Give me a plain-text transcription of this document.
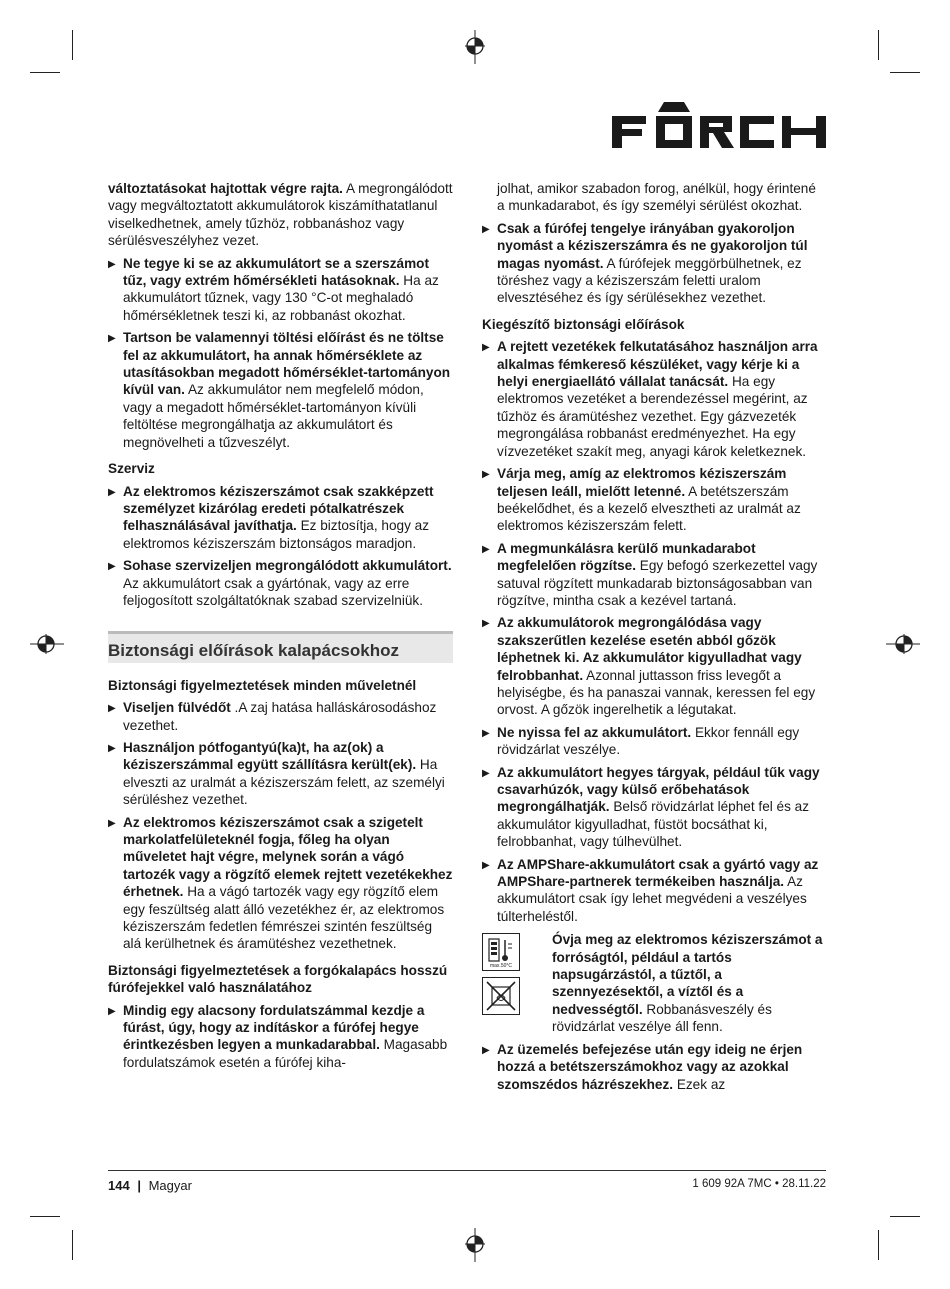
változtatásokat hajtottak végre rajta. A megrongálódott vagy megváltoztatott akkumulátorok kiszámíthatatlanul viselkedhetnek, amely tűzhöz, robbanáshoz vagy sérülésveszélyhez vezet.

▶ Ne tegye ki se az akkumulátort se a szerszámot tűz, vagy extrém hőmérsékleti hatásoknak. Ha az akkumulátort tűznek, vagy 130 °C-ot meghaladó hőmérsékletnek teszi ki, az robbanást okozhat.
▶ Tartson be valamennyi töltési előírást és ne töltse fel az akkumulátort, ha annak hőmérséklete az utasításokban megadott hőmérséklet-tartományon kívül van. Az akkumulátor nem megfelelő módon, vagy a megadott hőmérséklet-tartományon kívüli feltöltése megrongálhatja az akkumulátort és megnövelheti a tűzveszélyt.
Szerviz
▶ Az elektromos kéziszerszámot csak szakképzett személyzet kizárólag eredeti pótalkatrészek felhasználásával javíthatja. Ez biztosítja, hogy az elektromos kéziszerszám biztonságos maradjon.
▶ Sohase szervizeljen megrongálódott akkumulátort. Az akkumulátort csak a gyártónak, vagy az erre feljogosított szolgáltatóknak szabad szervizelniük.
Biztonsági előírások kalapácsokhoz
Biztonsági figyelmeztetések minden műveletnél
▶ Viseljen fülvédőt .A zaj hatása halláskárosodáshoz vezethet.
▶ Használjon pótfogantyú(ka)t, ha az(ok) a kéziszerszámmal együtt szállításra került(ek). Ha elveszti az uralmát a kéziszerszám felett, az személyi sérüléshez vezethet.
▶ Az elektromos kéziszerszámot csak a szigetelt markolatfelületeknél fogja, főleg ha olyan műveletet hajt végre, melynek során a vágó tartozék vagy a rögzítő elemek rejtett vezetékekhez érhetnek. Ha a vágó tartozék vagy egy rögzítő elem egy feszültség alatt álló vezetékhez ér, az elektromos kéziszerszám fedetlen fémrészei szintén feszültség alá kerülhetnek és áramütéshez vezethetnek.
Biztonsági figyelmeztetések a forgókalapács hosszú fúrófejekkel való használatához
▶ Mindig egy alacsony fordulatszámmal kezdje a fúrást, úgy, hogy az indításkor a fúrófej hegye érintkezésben legyen a munkadarabbal. Magasabb fordulatszámok esetén a fúrófej kiha-

jolhat, amikor szabadon forog, anélkül, hogy érintené a munkadarabot, és így személyi sérülést okozhat.

▶ Csak a fúrófej tengelye irányában gyakoroljon nyomást a kéziszerszámra és ne gyakoroljon túl magas nyomást. A fúrófejek meggörbülhetnek, ez töréshez vagy a kéziszerszám feletti uralom elvesztéséhez és így sérülésekhez vezethet.
Kiegészítő biztonsági előírások
▶ A rejtett vezetékek felkutatásához használjon arra alkalmas fémkereső készüléket, vagy kérje ki a helyi energiaellátó vállalat tanácsát. Ha egy elektromos vezetéket a berendezéssel megérint, az tűzhöz és áramütéshez vezethet. Egy gázvezeték megrongálása robbanást eredményezhet. Ha egy vízvezetéket szakít meg, anyagi károk keletkeznek.
▶ Várja meg, amíg az elektromos kéziszerszám teljesen leáll, mielőtt letenné. A betétszerszám beékelődhet, és a kezelő elvesztheti az uralmát az elektromos kéziszerszám felett.
▶ A megmunkálásra kerülő munkadarabot megfelelően rögzítse. Egy befogó szerkezettel vagy satuval rögzített munkadarab biztonságosabban van rögzítve, mintha csak a kezével tartaná.
▶ Az akkumulátorok megrongálódása vagy szakszerűtlen kezelése esetén abból gőzök léphetnek ki. Az akkumulátor kigyulladhat vagy felrobbanhat. Azonnal juttasson friss levegőt a helyiségbe, és ha panaszai vannak, keressen fel egy orvost. A gőzök ingerelhetik a légutakat.
▶ Ne nyissa fel az akkumulátort. Ekkor fennáll egy rövidzárlat veszélye.
▶ Az akkumulátort hegyes tárgyak, például tűk vagy csavarhúzók, vagy külső erőbehatások megrongálhatják. Belső rövidzárlat léphet fel és az akkumulátor kigyulladhat, füstöt bocsáthat ki, felrobbanhat, vagy túlhevülhet.
▶ Az AMPShare-akkumulátort csak a gyártó vagy az AMPShare-partnerek termékeiben használja. Az akkumulátort csak így lehet megvédeni a veszélyes túlterheléstől.
max.50°C
Óvja meg az elektromos kéziszerszámot a forróságtól, például a tartós napsugárzástól, a tűztől, a szennyezésektől, a víztől és a nedvességtől. Robbanásveszély és rövidzárlat veszélye áll fenn.
▶ Az üzemelés befejezése után egy ideig ne érjen hozzá a betétszerszámokhoz vagy az azokkal szomszédos házrészekhez. Ezek az
144 | Magyar	1 609 92A 7MC • 28.11.22
